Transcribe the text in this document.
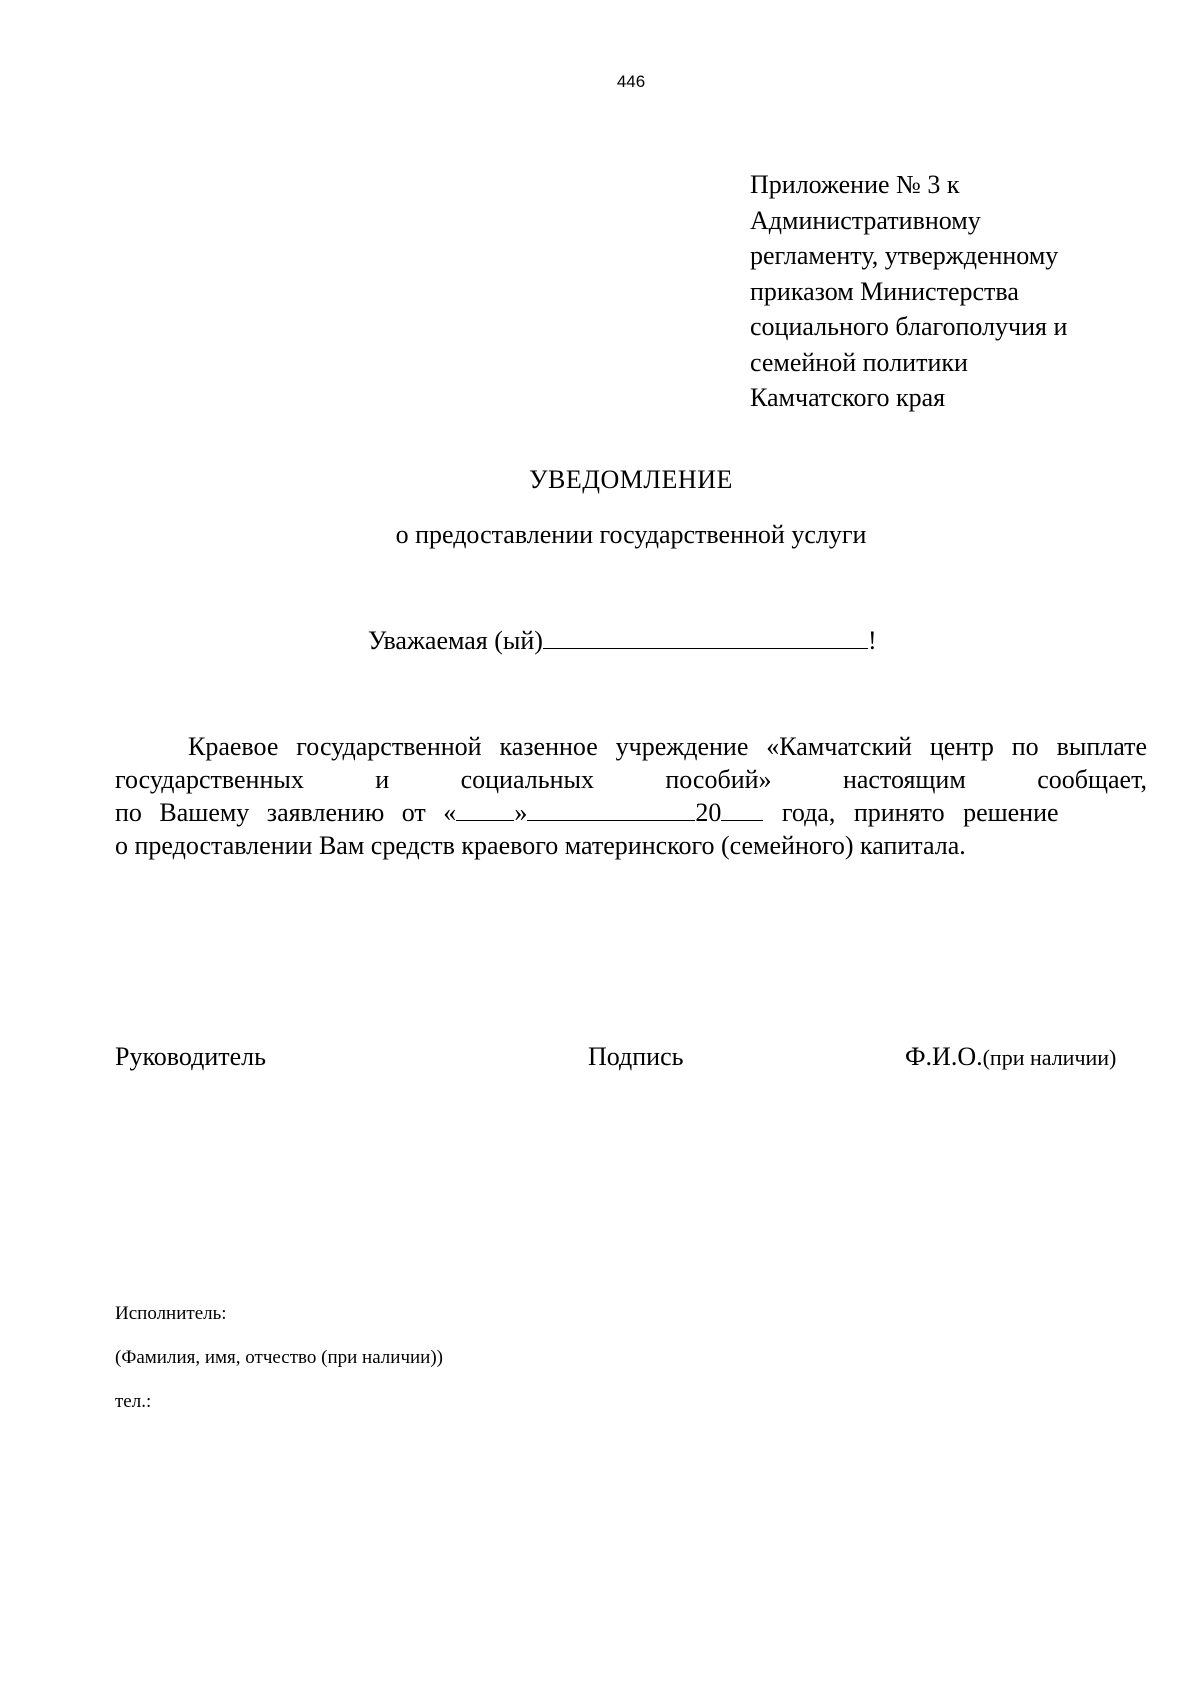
446
Приложение № 3 к
Административному
регламенту, утвержденному
приказом Министерства
социального благополучия и
семейной политики
Камчатского края
УВЕДОМЛЕНИЕ
о предоставлении государственной услуги
Уважаемая (ый)	!
Краевое государственной казенное учреждение «Камчатский центр по выплате
государственных	и	социальных	пособий»	настоящим	сообщает,
по Вашему заявлению от « »	20 года, принято решение
о предоставлении Вам средств краевого материнского (семейного) капитала.
Руководитель	Подпись	Ф.И.О.(при наличии)
Исполнитель:
(Фамилия, имя, отчество (при наличии))
тел.:
